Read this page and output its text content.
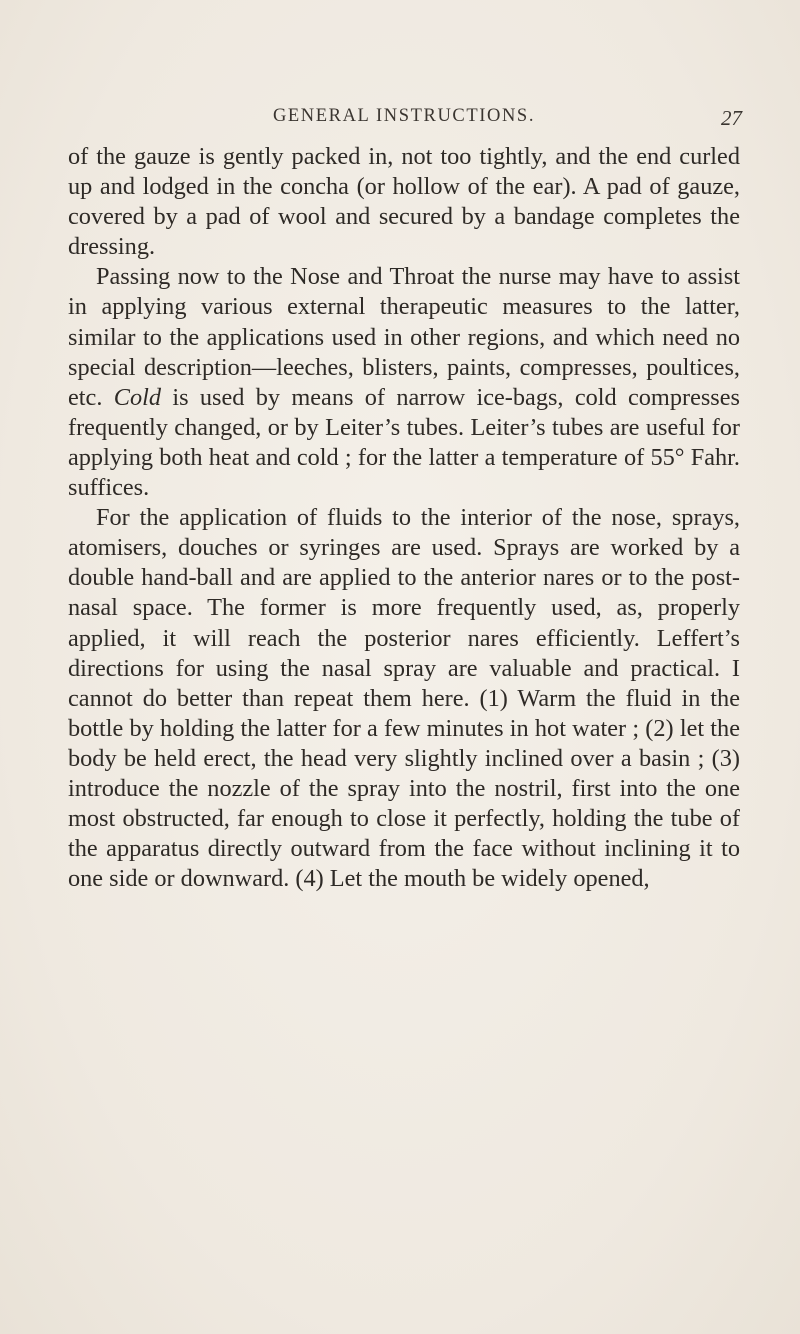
GENERAL INSTRUCTIONS.	27

of the gauze is gently packed in, not too tightly, and the end curled up and lodged in the concha (or hollow of the ear). A pad of gauze, covered by a pad of wool and secured by a bandage completes the dressing.

Passing now to the Nose and Throat the nurse may have to assist in applying various external therapeutic measures to the latter, similar to the applications used in other regions, and which need no special description—leeches, blisters, paints, compresses, poultices, etc. Cold is used by means of narrow ice-bags, cold compresses frequently changed, or by Leiter’s tubes. Leiter’s tubes are useful for applying both heat and cold ; for the latter a temperature of 55° Fahr. suffices.

For the application of fluids to the interior of the nose, sprays, atomisers, douches or syringes are used. Sprays are worked by a double hand-ball and are applied to the anterior nares or to the post-nasal space. The former is more frequently used, as, properly applied, it will reach the posterior nares efficiently. Leffert’s directions for using the nasal spray are valuable and practical. I cannot do better than repeat them here. (1) Warm the fluid in the bottle by holding the latter for a few minutes in hot water ; (2) let the body be held erect, the head very slightly inclined over a basin ; (3) introduce the nozzle of the spray into the nostril, first into the one most obstructed, far enough to close it perfectly, holding the tube of the apparatus directly outward from the face without inclining it to one side or downward. (4) Let the mouth be widely opened,
